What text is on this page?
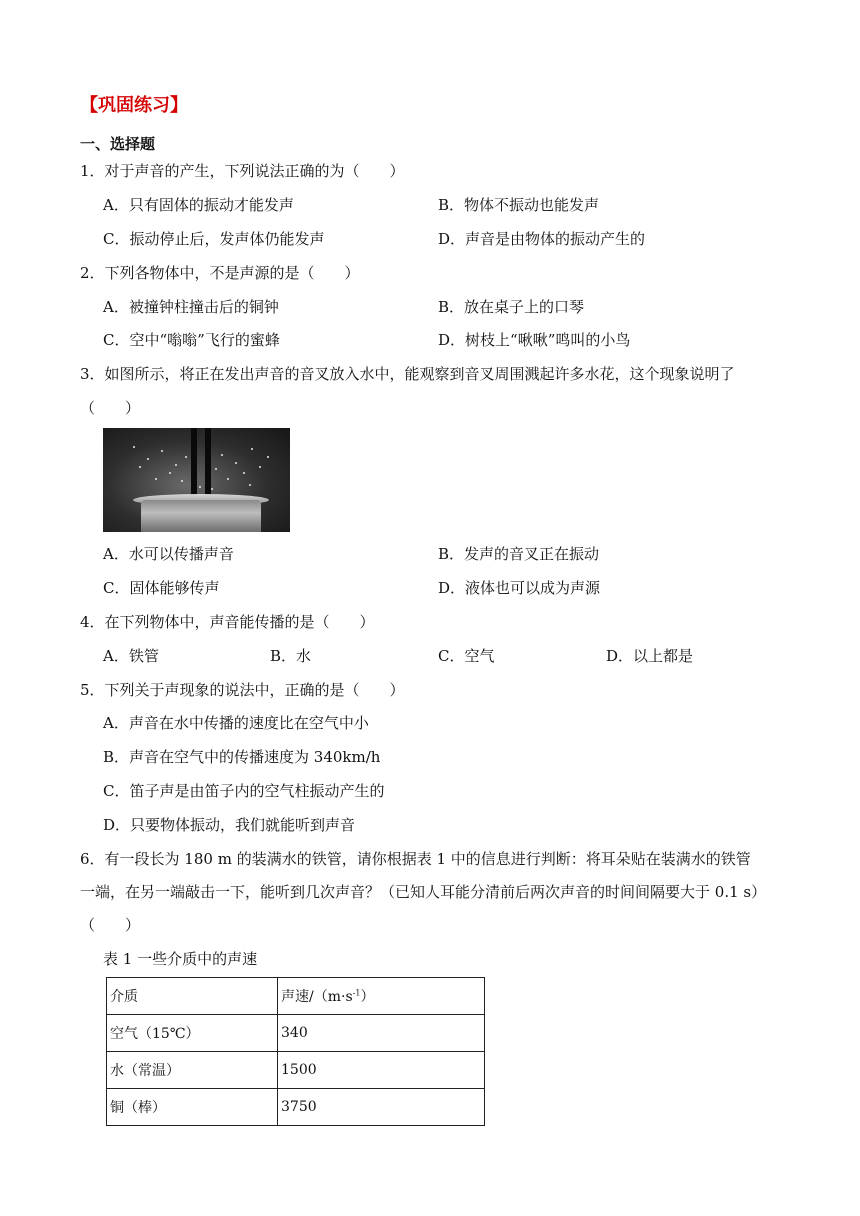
【巩固练习】
一、选择题
1．对于声音的产生，下列说法正确的为（　　）
A．只有固体的振动才能发声	B．物体不振动也能发声
C．振动停止后，发声体仍能发声	D．声音是由物体的振动产生的
2．下列各物体中，不是声源的是（　　）
A．被撞钟柱撞击后的铜钟	B．放在桌子上的口琴
C．空中“嗡嗡”飞行的蜜蜂	D．树枝上“啾啾”鸣叫的小鸟
3．如图所示，将正在发出声音的音叉放入水中，能观察到音叉周围溅起许多水花，这个现象说明了
（　　）
A．水可以传播声音	B．发声的音叉正在振动
C．固体能够传声	D．液体也可以成为声源
4．在下列物体中，声音能传播的是（　　）
A．铁管	B．水	C．空气	D．以上都是
5．下列关于声现象的说法中，正确的是（　　）
A．声音在水中传播的速度比在空气中小
B．声音在空气中的传播速度为 340km/h
C．笛子声是由笛子内的空气柱振动产生的
D．只要物体振动，我们就能听到声音
6．有一段长为 180 m 的装满水的铁管，请你根据表 1 中的信息进行判断：将耳朵贴在装满水的铁管
一端，在另一端敲击一下，能听到几次声音？（已知人耳能分清前后两次声音的时间间隔要大于 0.1 s）
（　　）
表 1 一些介质中的声速
介质	声速$/(m\cdot s^{-1})$
空气（15℃）	340
水（常温）	1500
铜（棒）	3750
